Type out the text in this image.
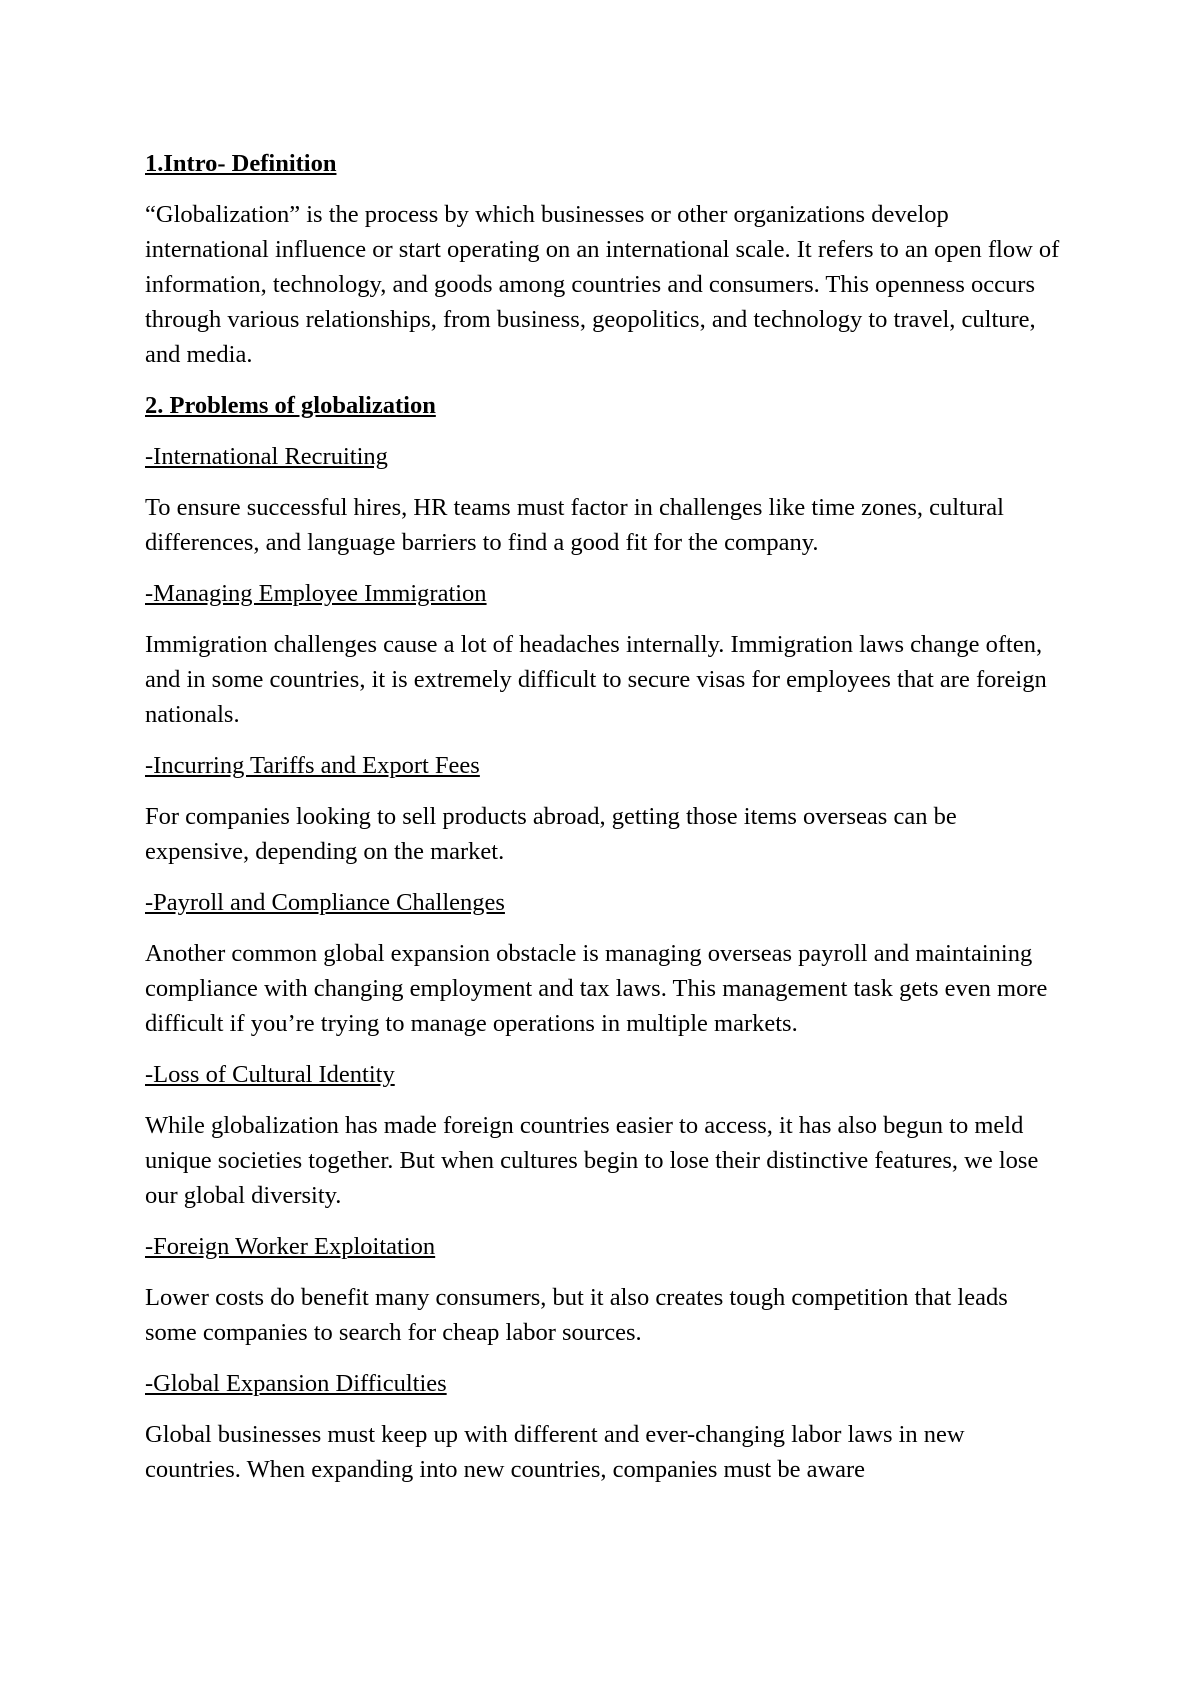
1.Intro- Definition
“Globalization” is the process by which businesses or other organizations develop international influence or start operating on an international scale. It refers to an open flow of information, technology, and goods among countries and consumers. This openness occurs through various relationships, from business, geopolitics, and technology to travel, culture, and media.
2. Problems of globalization
-International Recruiting
To ensure successful hires, HR teams must factor in challenges like time zones, cultural differences, and language barriers to find a good fit for the company.
-Managing Employee Immigration
Immigration challenges cause a lot of headaches internally. Immigration laws change often, and in some countries, it is extremely difficult to secure visas for employees that are foreign nationals.
-Incurring Tariffs and Export Fees
For companies looking to sell products abroad, getting those items overseas can be expensive, depending on the market.
-Payroll and Compliance Challenges
Another common global expansion obstacle is managing overseas payroll and maintaining compliance with changing employment and tax laws. This management task gets even more difficult if you’re trying to manage operations in multiple markets.
-Loss of Cultural Identity
While globalization has made foreign countries easier to access, it has also begun to meld unique societies together. But when cultures begin to lose their distinctive features, we lose our global diversity.
-Foreign Worker Exploitation
Lower costs do benefit many consumers, but it also creates tough competition that leads some companies to search for cheap labor sources.
-Global Expansion Difficulties
Global businesses must keep up with different and ever-changing labor laws in new countries. When expanding into new countries, companies must be aware
